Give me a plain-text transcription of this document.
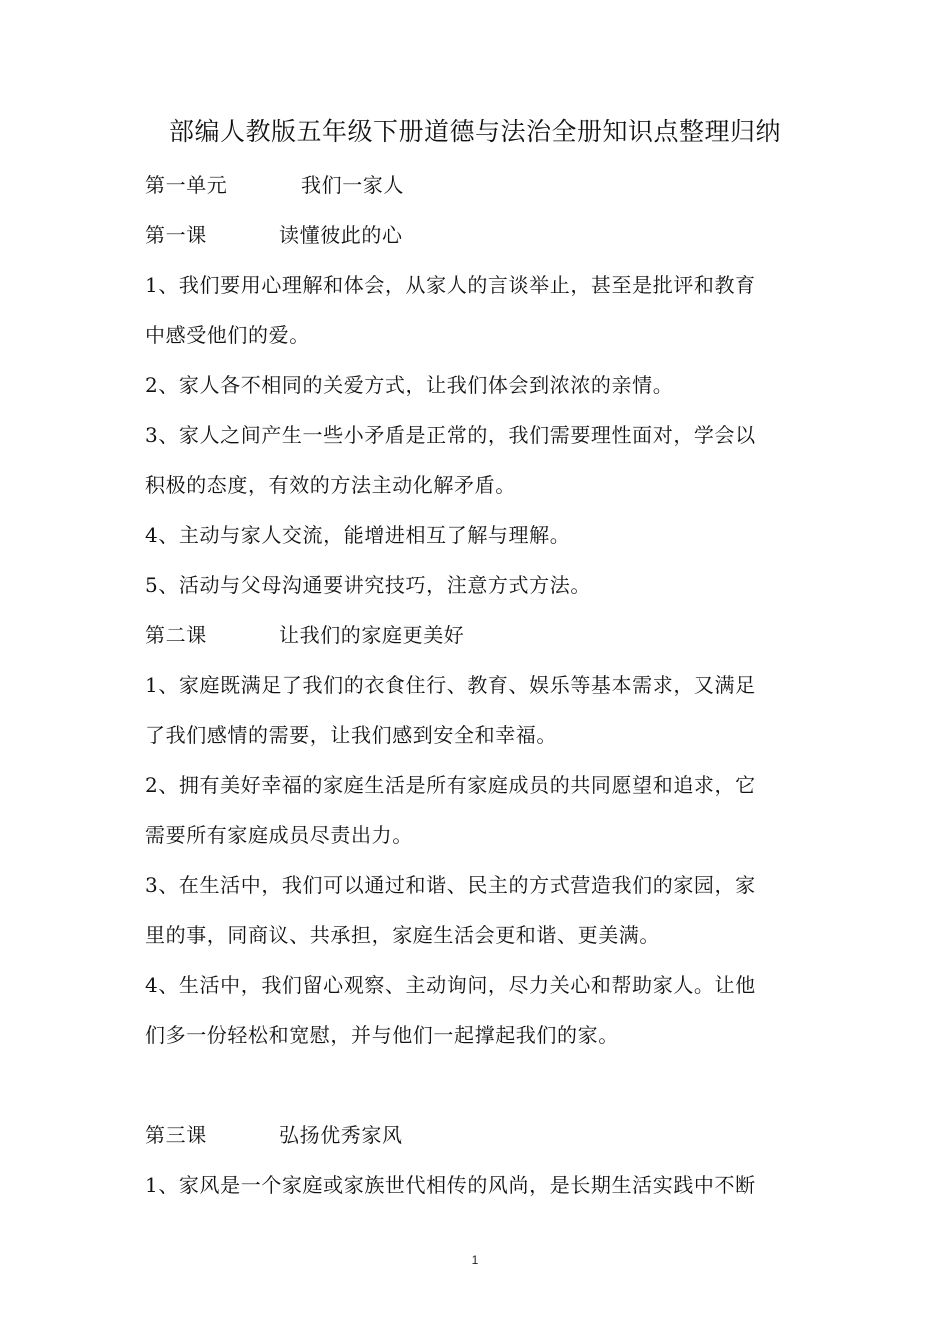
部编人教版五年级下册道德与法治全册知识点整理归纳
第一单元	我们一家人
第一课	读懂彼此的心

1、我们要用心理解和体会，从家人的言谈举止，甚至是批评和教育

中感受他们的爱。

2、家人各不相同的关爱方式，让我们体会到浓浓的亲情。

3、家人之间产生一些小矛盾是正常的，我们需要理性面对，学会以

积极的态度，有效的方法主动化解矛盾。

4、主动与家人交流，能增进相互了解与理解。

5、活动与父母沟通要讲究技巧，注意方式方法。

第二课	让我们的家庭更美好

1、家庭既满足了我们的衣食住行、教育、娱乐等基本需求，又满足

了我们感情的需要，让我们感到安全和幸福。

2、拥有美好幸福的家庭生活是所有家庭成员的共同愿望和追求，它

需要所有家庭成员尽责出力。

3、在生活中，我们可以通过和谐、民主的方式营造我们的家园，家

里的事，同商议、共承担，家庭生活会更和谐、更美满。

4、生活中，我们留心观察、主动询问，尽力关心和帮助家人。让他

们多一份轻松和宽慰，并与他们一起撑起我们的家。

第三课	弘扬优秀家风

1、家风是一个家庭或家族世代相传的风尚，是长期生活实践中不断

1
